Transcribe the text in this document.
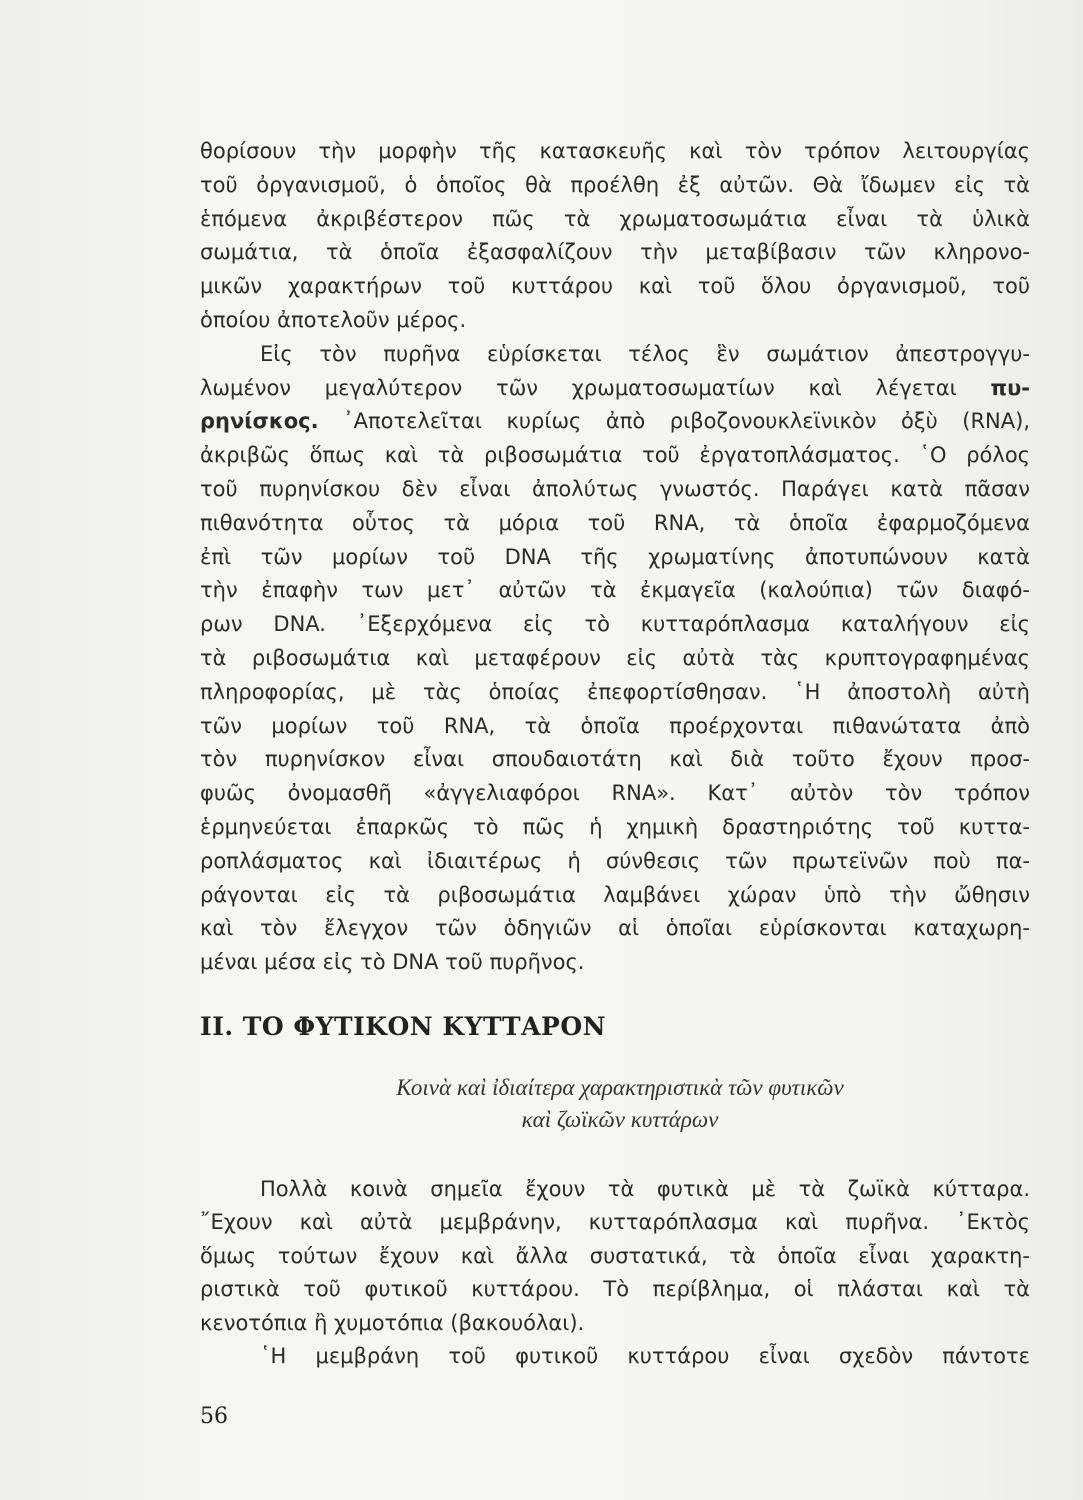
θορίσουν τὴν μορφὴν τῆς κατασκευῆς καὶ τὸν τρόπον λειτουργίας
τοῦ ὀργανισμοῦ, ὁ ὁποῖος θὰ προέλθη ἐξ αὐτῶν. Θὰ ἴδωμεν εἰς τὰ
ἑπόμενα ἀκριβέστερον πῶς τὰ χρωματοσωμάτια εἶναι τὰ ὑλικὰ
σωμάτια, τὰ ὁποῖα ἐξασφαλίζουν τὴν μεταβίβασιν τῶν κληρονο-
μικῶν χαρακτήρων τοῦ κυττάρου καὶ τοῦ ὅλου ὀργανισμοῦ, τοῦ
ὁποίου ἀποτελοῦν μέρος.
Εἰς τὸν πυρῆνα εὑρίσκεται τέλος ἓν σωμάτιον ἀπεστρογγυ-
λωμένον μεγαλύτερον τῶν χρωματοσωματίων καὶ λέγεται πυ-
ρηνίσκος. ᾿Αποτελεῖται κυρίως ἀπὸ ριβοζονουκλεϊνικὸν ὀξὺ (RNA),
ἀκριβῶς ὅπως καὶ τὰ ριβοσωμάτια τοῦ ἐργατοπλάσματος. ῾Ο ρόλος
τοῦ πυρηνίσκου δὲν εἶναι ἀπολύτως γνωστός. Παράγει κατὰ πᾶσαν
πιθανότητα οὗτος τὰ μόρια τοῦ RNA, τὰ ὁποῖα ἐφαρμοζόμενα
ἐπὶ τῶν μορίων τοῦ DNA τῆς χρωματίνης ἀποτυπώνουν κατὰ
τὴν ἐπαφὴν των μετ᾿ αὐτῶν τὰ ἐκμαγεῖα (καλούπια) τῶν διαφό-
ρων DNA. ᾿Εξερχόμενα εἰς τὸ κυτταρόπλασμα καταλήγουν εἰς
τὰ ριβοσωμάτια καὶ μεταφέρουν εἰς αὐτὰ τὰς κρυπτογραφημένας
πληροφορίας, μὲ τὰς ὁποίας ἐπεφορτίσθησαν. ῾Η ἀποστολὴ αὐτὴ
τῶν μορίων τοῦ RNA, τὰ ὁποῖα προέρχονται πιθανώτατα ἀπὸ
τὸν πυρηνίσκον εἶναι σπουδαιοτάτη καὶ διὰ τοῦτο ἔχουν προσ-
φυῶς ὀνομασθῆ «ἀγγελιαφόροι RNA». Κατ᾿ αὐτὸν τὸν τρόπον
ἑρμηνεύεται ἐπαρκῶς τὸ πῶς ἡ χημικὴ δραστηριότης τοῦ κυττα-
ροπλάσματος καὶ ἰδιαιτέρως ἡ σύνθεσις τῶν πρωτεϊνῶν ποὺ πα-
ράγονται εἰς τὰ ριβοσωμάτια λαμβάνει χώραν ὑπὸ τὴν ὤθησιν
καὶ τὸν ἔλεγχον τῶν ὁδηγιῶν αἱ ὁποῖαι εὑρίσκονται καταχωρη-
μέναι μέσα εἰς τὸ DNA τοῦ πυρῆνος.
II. ΤΟ ΦΥΤΙΚΟΝ ΚΥΤΤΑΡΟΝ
Κοινὰ καὶ ἰδιαίτερα χαρακτηριστικὰ τῶν φυτικῶν
καὶ ζωϊκῶν κυττάρων
Πολλὰ κοινὰ σημεῖα ἔχουν τὰ φυτικὰ μὲ τὰ ζωϊκὰ κύτταρα.
῎Εχουν καὶ αὐτὰ μεμβράνην, κυτταρόπλασμα καὶ πυρῆνα. ᾿Εκτὸς
ὅμως τούτων ἔχουν καὶ ἄλλα συστατικά, τὰ ὁποῖα εἶναι χαρακτη-
ριστικὰ τοῦ φυτικοῦ κυττάρου. Τὸ περίβλημα, οἱ πλάσται καὶ τὰ
κενοτόπια ἢ χυμοτόπια (βακουόλαι).
῾Η μεμβράνη τοῦ φυτικοῦ κυττάρου εἶναι σχεδὸν πάντοτε
56
